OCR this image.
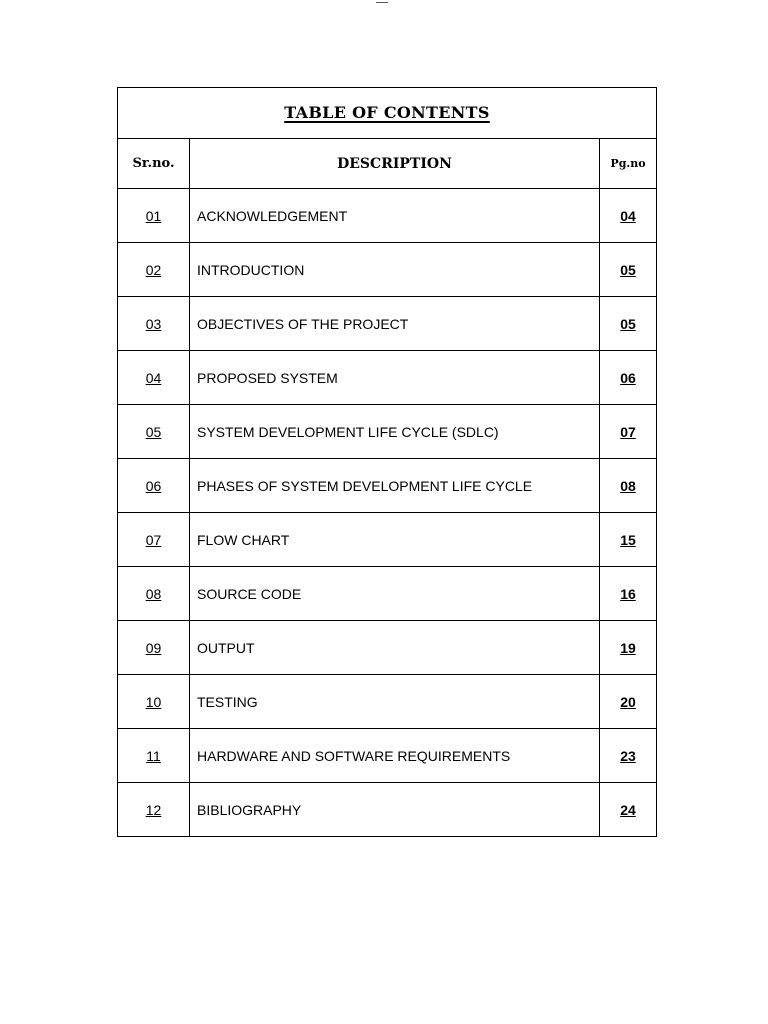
TABLE OF CONTENTS		
Sr.no.	DESCRIPTION	Pg.no
01	ACKNOWLEDGEMENT	04
02	INTRODUCTION	05
03	OBJECTIVES OF THE PROJECT	05
04	PROPOSED SYSTEM	06
05	SYSTEM DEVELOPMENT LIFE CYCLE (SDLC)	07
06	PHASES OF SYSTEM DEVELOPMENT LIFE CYCLE	08
07	FLOW CHART	15
08	SOURCE CODE	16
09	OUTPUT	19
10	TESTING	20
11	HARDWARE AND SOFTWARE REQUIREMENTS	23
12	BIBLIOGRAPHY	24
